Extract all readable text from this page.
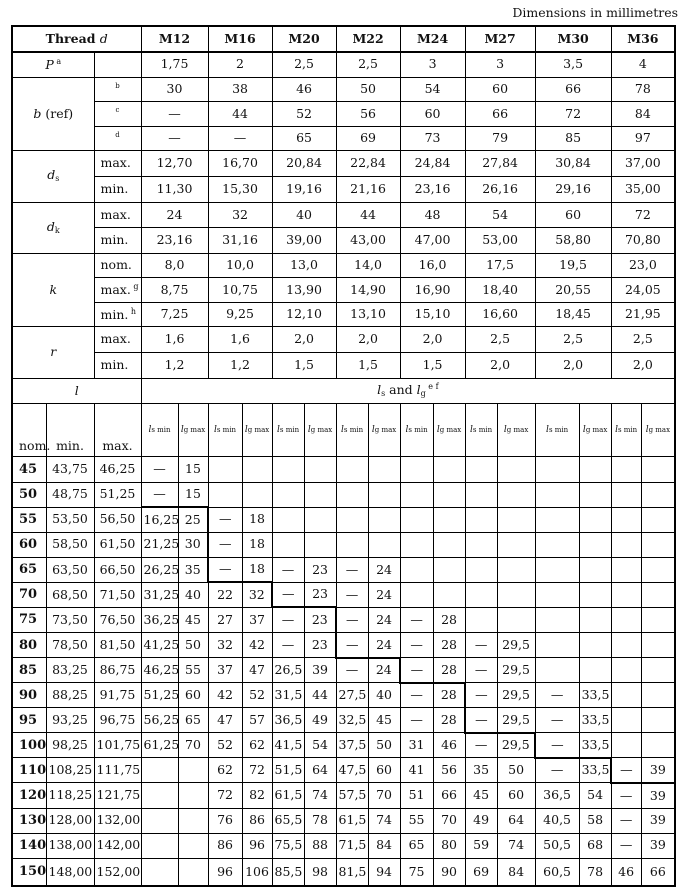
Dimensions in millimetres
Thread d			M12		M16		M20		M22		M24		M27		M30		M36	
P $^a$			1,75		2		2,5		2,5		3		3		3,5		4	
b (ref)		b	30		38		46		50		54		60		66		78	
		c	—		44		52		56		60		66		72		84	
		d	—		—		65		69		73		79		85		97	
$d_s$		max.	12,70		16,70		20,84		22,84		24,84		27,84		30,84		37,00	
		min.	11,30		15,30		19,16		21,16		23,16		26,16		29,16		35,00	
$d_k$		max.	24		32		40		44		48		54		60		72	
		min.	23,16		31,16		39,00		43,00		47,00		53,00		58,80		70,80	
k		nom.	8,0		10,0		13,0		14,0		16,0		17,5		19,5		23,0	
		max. $^g$	8,75		10,75		13,90		14,90		16,90		18,40		20,55		24,05	
		min. $^h$	7,25		9,25		12,10		13,10		15,10		16,60		18,45		21,95	
r		max.	1,6		1,6		2,0		2,0		2,0		2,5		2,5		2,5	
		min.	1,2		1,2		1,5		1,5		1,5		2,0		2,0		2,0	
l			$l_s$ and $l_g$ $^{e f}$
nom.	min.	max.	ls min	lg max	ls min	lg max	ls min	lg max	ls min	lg max	ls min	lg max	ls min	lg max	ls min	lg max	ls min	lg max
45	43,75	46,25	—	15														
50	48,75	51,25	—	15														
55	53,50	56,50	16,25	25	—	18												
60	58,50	61,50	21,25	30	—	18												
65	63,50	66,50	26,25	35	—	18	—	23	—	24								
70	68,50	71,50	31,25	40	22	32	—	23	—	24								
75	73,50	76,50	36,25	45	27	37	—	23	—	24	—	28						
80	78,50	81,50	41,25	50	32	42	—	23	—	24	—	28	—	29,5				
85	83,25	86,75	46,25	55	37	47	26,5	39	—	24	—	28	—	29,5				
90	88,25	91,75	51,25	60	42	52	31,5	44	27,5	40	—	28	—	29,5	—	33,5		
95	93,25	96,75	56,25	65	47	57	36,5	49	32,5	45	—	28	—	29,5	—	33,5		
100	98,25	101,75	61,25	70	52	62	41,5	54	37,5	50	31	46	—	29,5	—	33,5		
110	108,25	111,75			62	72	51,5	64	47,5	60	41	56	35	50	—	33,5	—	39
120	118,25	121,75			72	82	61,5	74	57,5	70	51	66	45	60	36,5	54	—	39
130	128,00	132,00			76	86	65,5	78	61,5	74	55	70	49	64	40,5	58	—	39
140	138,00	142,00			86	96	75,5	88	71,5	84	65	80	59	74	50,5	68	—	39
150	148,00	152,00			96	106	85,5	98	81,5	94	75	90	69	84	60,5	78	46	66
